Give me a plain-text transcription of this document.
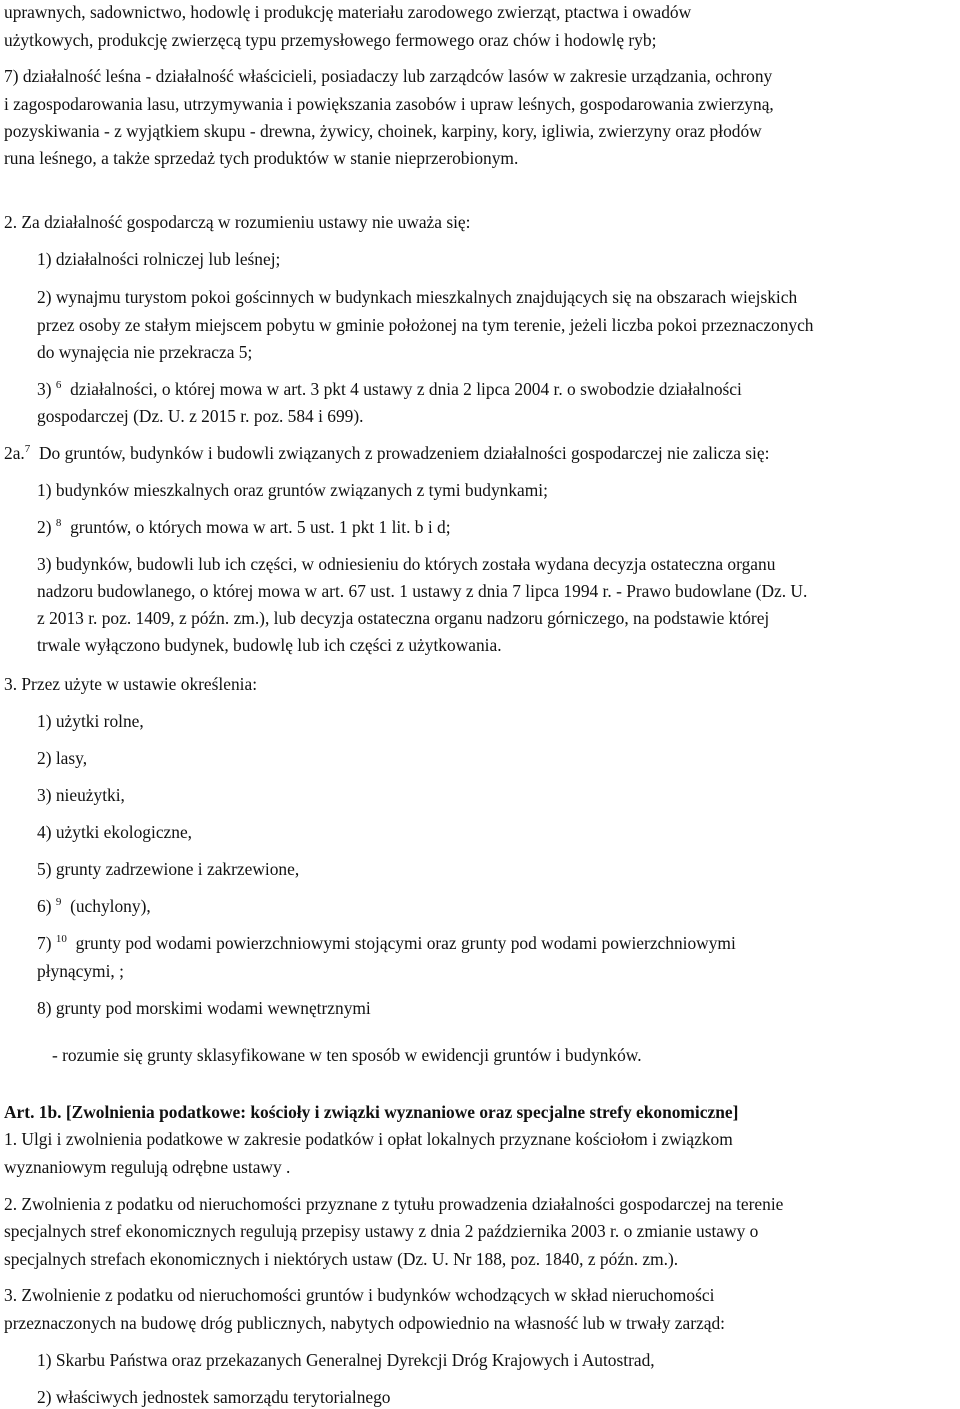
uprawnych, sadownictwo, hodowlę i produkcję materiału zarodowego zwierząt, ptactwa i owadów
użytkowych, produkcję zwierzęcą typu przemysłowego fermowego oraz chów i hodowlę ryb;
7) działalność leśna - działalność właścicieli, posiadaczy lub zarządców lasów w zakresie urządzania, ochrony
i zagospodarowania lasu, utrzymywania i powiększania zasobów i upraw leśnych, gospodarowania zwierzyną,
pozyskiwania - z wyjątkiem skupu - drewna, żywicy, choinek, karpiny, kory, igliwia, zwierzyny oraz płodów
runa leśnego, a także sprzedaż tych produktów w stanie nieprzerobionym.
2. Za działalność gospodarczą w rozumieniu ustawy nie uważa się:
1) działalności rolniczej lub leśnej;
2) wynajmu turystom pokoi gościnnych w budynkach mieszkalnych znajdujących się na obszarach wiejskich
przez osoby ze stałym miejscem pobytu w gminie położonej na tym terenie, jeżeli liczba pokoi przeznaczonych
do wynajęcia nie przekracza 5;
3) $^6$ działalności, o której mowa w art. 3 pkt 4 ustawy z dnia 2 lipca 2004 r. o swobodzie działalności
gospodarczej (Dz. U. z 2015 r. poz. 584 i 699).
2a.$^7$ Do gruntów, budynków i budowli związanych z prowadzeniem działalności gospodarczej nie zalicza się:
1) budynków mieszkalnych oraz gruntów związanych z tymi budynkami;
2) $^8$ gruntów, o których mowa w art. 5 ust. 1 pkt 1 lit. b i d;
3) budynków, budowli lub ich części, w odniesieniu do których została wydana decyzja ostateczna organu
nadzoru budowlanego, o której mowa w art. 67 ust. 1 ustawy z dnia 7 lipca 1994 r. - Prawo budowlane (Dz. U.
z 2013 r. poz. 1409, z późn. zm.), lub decyzja ostateczna organu nadzoru górniczego, na podstawie której
trwale wyłączono budynek, budowlę lub ich części z użytkowania.
3. Przez użyte w ustawie określenia:
1) użytki rolne,
2) lasy,
3) nieużytki,
4) użytki ekologiczne,
5) grunty zadrzewione i zakrzewione,
6) $^9$ (uchylony),
7) $^{10}$ grunty pod wodami powierzchniowymi stojącymi oraz grunty pod wodami powierzchniowymi
płynącymi, ;
8) grunty pod morskimi wodami wewnętrznymi
- rozumie się grunty sklasyfikowane w ten sposób w ewidencji gruntów i budynków.
Art. 1b. [Zwolnienia podatkowe: kościoły i związki wyznaniowe oraz specjalne strefy ekonomiczne]
1. Ulgi i zwolnienia podatkowe w zakresie podatków i opłat lokalnych przyznane kościołom i związkom
wyznaniowym regulują odrębne ustawy .
2. Zwolnienia z podatku od nieruchomości przyznane z tytułu prowadzenia działalności gospodarczej na terenie
specjalnych stref ekonomicznych regulują przepisy ustawy z dnia 2 października 2003 r. o zmianie ustawy o
specjalnych strefach ekonomicznych i niektórych ustaw (Dz. U. Nr 188, poz. 1840, z późn. zm.).
3. Zwolnienie z podatku od nieruchomości gruntów i budynków wchodzących w skład nieruchomości
przeznaczonych na budowę dróg publicznych, nabytych odpowiednio na własność lub w trwały zarząd:
1) Skarbu Państwa oraz przekazanych Generalnej Dyrekcji Dróg Krajowych i Autostrad,
2) właściwych jednostek samorządu terytorialnego
